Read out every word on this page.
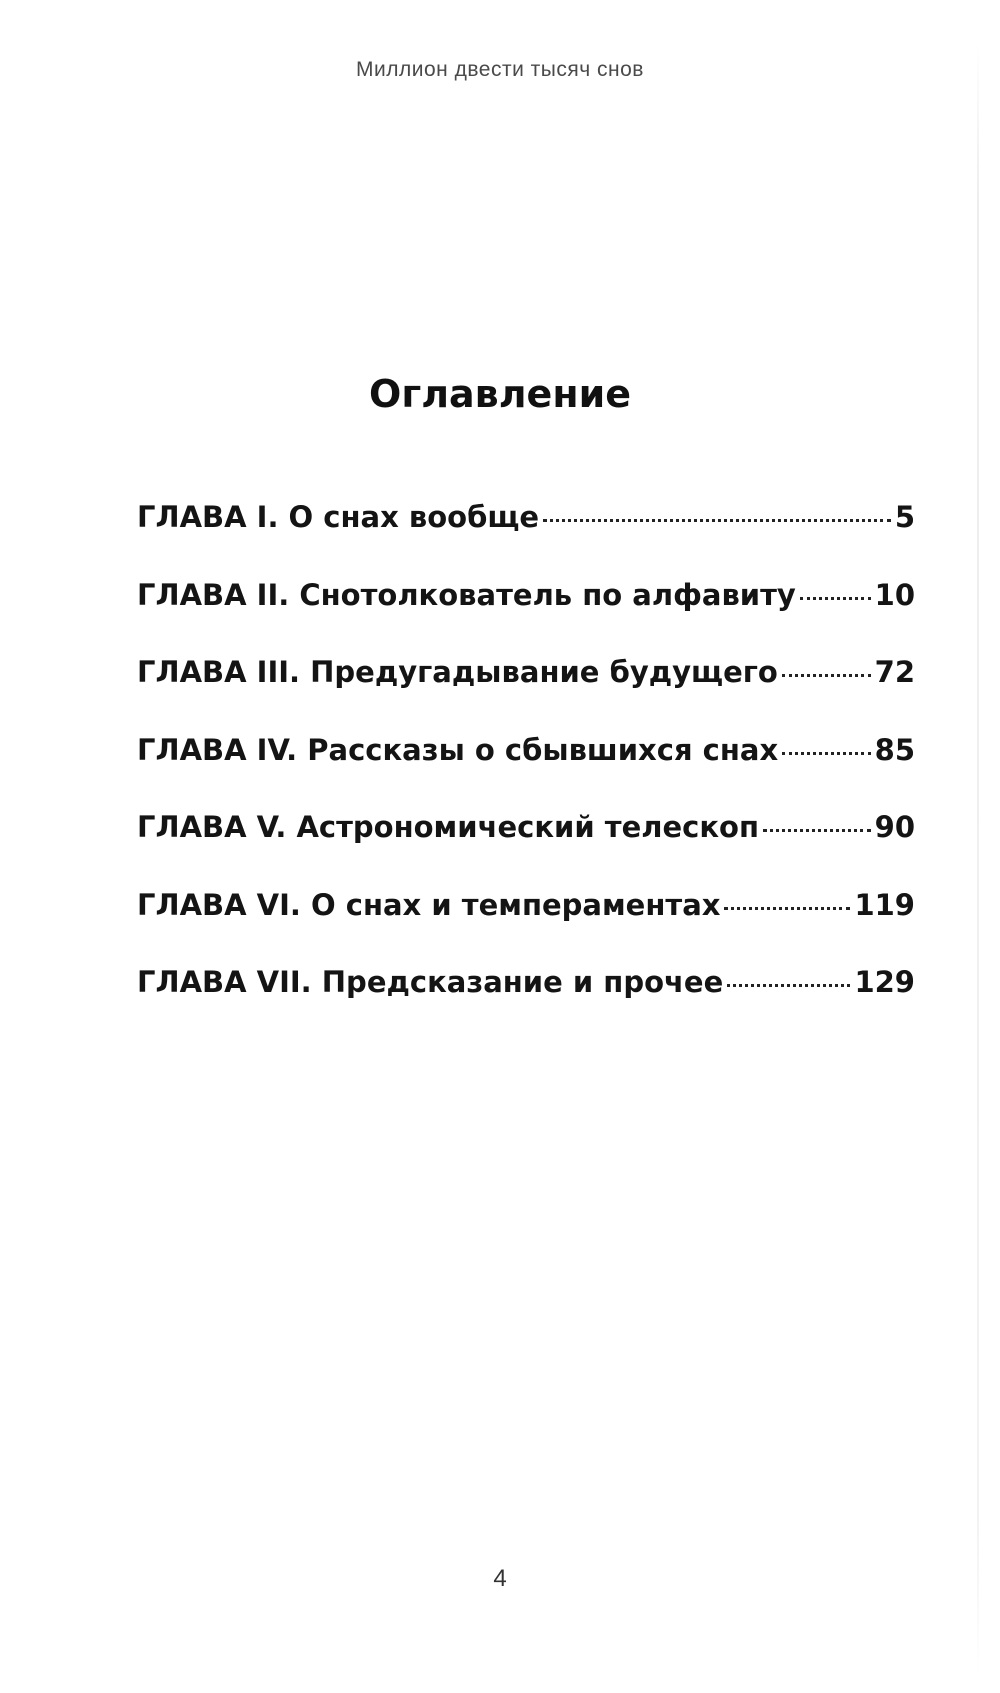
Миллион двести тысяч снов
Оглавление
ГЛАВА I. О снах вообще	5
ГЛАВА II. Снотолкователь по алфавиту	10
ГЛАВА III. Предугадывание будущего	72
ГЛАВА IV. Рассказы о сбывшихся снах	85
ГЛАВА V. Астрономический телескоп	90
ГЛАВА VI. О снах и темпераментах	119
ГЛАВА VII. Предсказание и прочее	129
4
